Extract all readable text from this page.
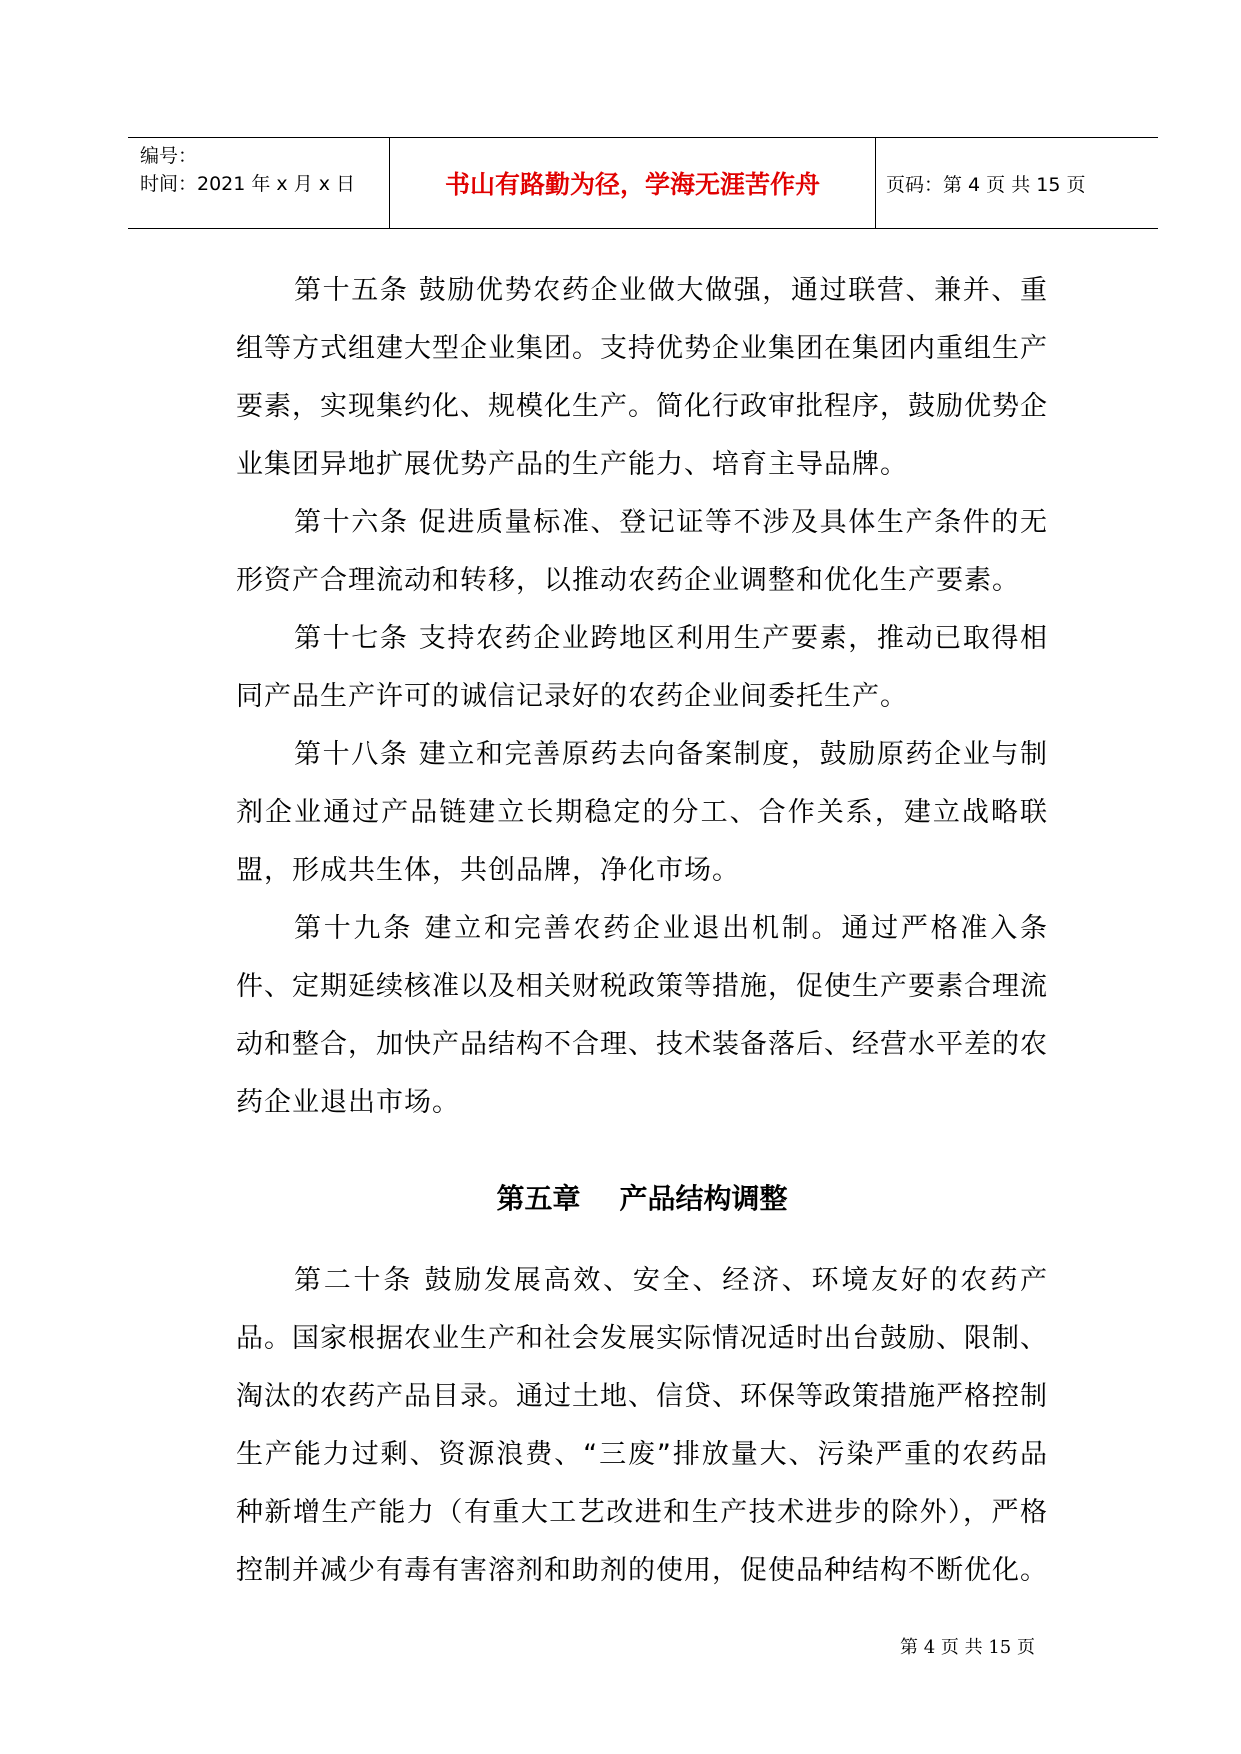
编号：
时间：2021 年 x 月 x 日	书山有路勤为径，学海无涯苦作舟	页码：第 4 页 共 15 页

第十五条 鼓励优势农药企业做大做强，通过联营、兼并、重组等方式组建大型企业集团。支持优势企业集团在集团内重组生产要素，实现集约化、规模化生产。简化行政审批程序，鼓励优势企业集团异地扩展优势产品的生产能力、培育主导品牌。

第十六条 促进质量标准、登记证等不涉及具体生产条件的无形资产合理流动和转移，以推动农药企业调整和优化生产要素。

第十七条 支持农药企业跨地区利用生产要素，推动已取得相同产品生产许可的诚信记录好的农药企业间委托生产。

第十八条 建立和完善原药去向备案制度，鼓励原药企业与制剂企业通过产品链建立长期稳定的分工、合作关系，建立战略联盟，形成共生体，共创品牌，净化市场。

第十九条 建立和完善农药企业退出机制。通过严格准入条件、定期延续核准以及相关财税政策等措施，促使生产要素合理流动和整合，加快产品结构不合理、技术装备落后、经营水平差的农药企业退出市场。

第五章    产品结构调整

第二十条 鼓励发展高效、安全、经济、环境友好的农药产品。国家根据农业生产和社会发展实际情况适时出台鼓励、限制、淘汰的农药产品目录。通过土地、信贷、环保等政策措施严格控制生产能力过剩、资源浪费、“三废”排放量大、污染严重的农药品种新增生产能力（有重大工艺改进和生产技术进步的除外），严格控制并减少有毒有害溶剂和助剂的使用，促使品种结构不断优化。

第 4 页 共 15 页
